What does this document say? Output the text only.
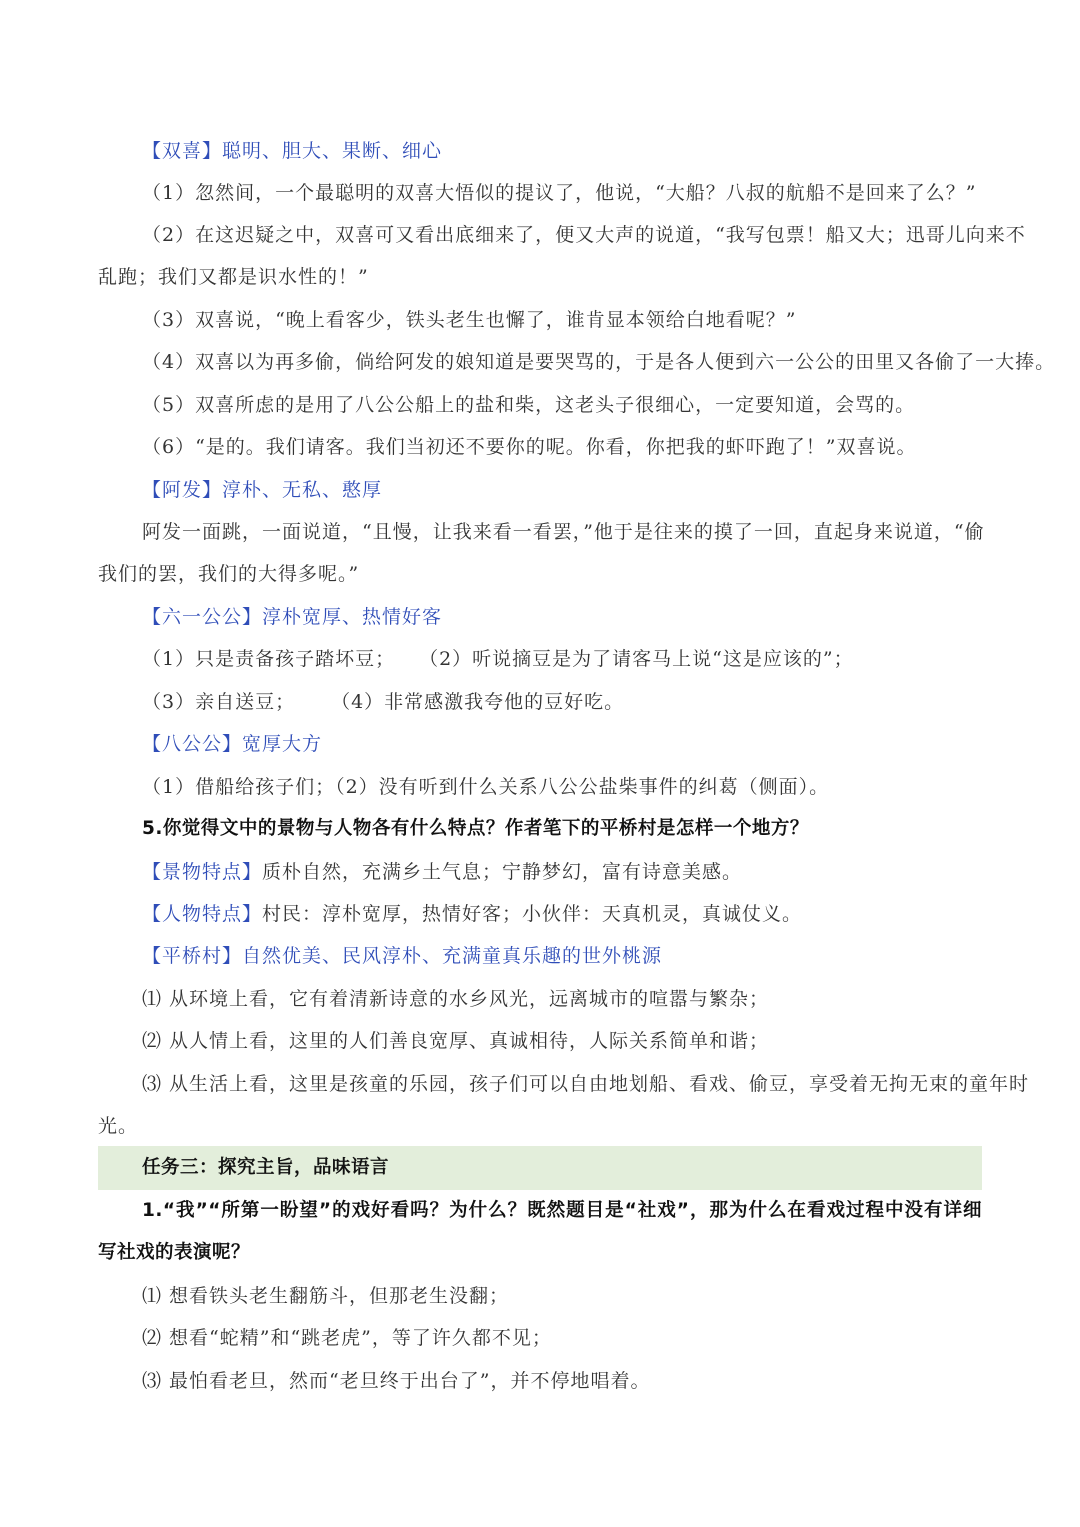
【双喜】聪明、胆大、果断、细心
（1）忽然间，一个最聪明的双喜大悟似的提议了，他说，“大船？八叔的航船不是回来了么？”
（2）在这迟疑之中，双喜可又看出底细来了，便又大声的说道，“我写包票！船又大；迅哥儿向来不
乱跑；我们又都是识水性的！”
（3）双喜说，“晚上看客少，铁头老生也懈了，谁肯显本领给白地看呢？”
（4）双喜以为再多偷，倘给阿发的娘知道是要哭骂的，于是各人便到六一公公的田里又各偷了一大捧。
（5）双喜所虑的是用了八公公船上的盐和柴，这老头子很细心，一定要知道，会骂的。
（6）“是的。我们请客。我们当初还不要你的呢。你看，你把我的虾吓跑了！”双喜说。
【阿发】淳朴、无私、憨厚
阿发一面跳，一面说道，“且慢，让我来看一看罢，”他于是往来的摸了一回，直起身来说道，“偷
我们的罢，我们的大得多呢。”
【六一公公】淳朴宽厚、热情好客
（1）只是责备孩子踏坏豆； （2）听说摘豆是为了请客马上说“这是应该的”；
（3）亲自送豆； （4）非常感激我夸他的豆好吃。
【八公公】宽厚大方
（1）借船给孩子们；（2）没有听到什么关系八公公盐柴事件的纠葛（侧面）。
5.你觉得文中的景物与人物各有什么特点？作者笔下的平桥村是怎样一个地方？
【景物特点】质朴自然，充满乡土气息；宁静梦幻，富有诗意美感。
【人物特点】村民：淳朴宽厚，热情好客；小伙伴：天真机灵，真诚仗义。
【平桥村】自然优美、民风淳朴、充满童真乐趣的世外桃源
⑴ 从环境上看，它有着清新诗意的水乡风光，远离城市的喧嚣与繁杂；
⑵ 从人情上看，这里的人们善良宽厚、真诚相待，人际关系简单和谐；
⑶ 从生活上看，这里是孩童的乐园，孩子们可以自由地划船、看戏、偷豆，享受着无拘无束的童年时
光。
任务三：探究主旨，品味语言
1.“我”“所第一盼望”的戏好看吗？为什么？既然题目是“社戏”，那为什么在看戏过程中没有详细
写社戏的表演呢？
⑴ 想看铁头老生翻筋斗，但那老生没翻；
⑵ 想看“蛇精”和“跳老虎”，等了许久都不见；
⑶ 最怕看老旦，然而“老旦终于出台了”，并不停地唱着。
